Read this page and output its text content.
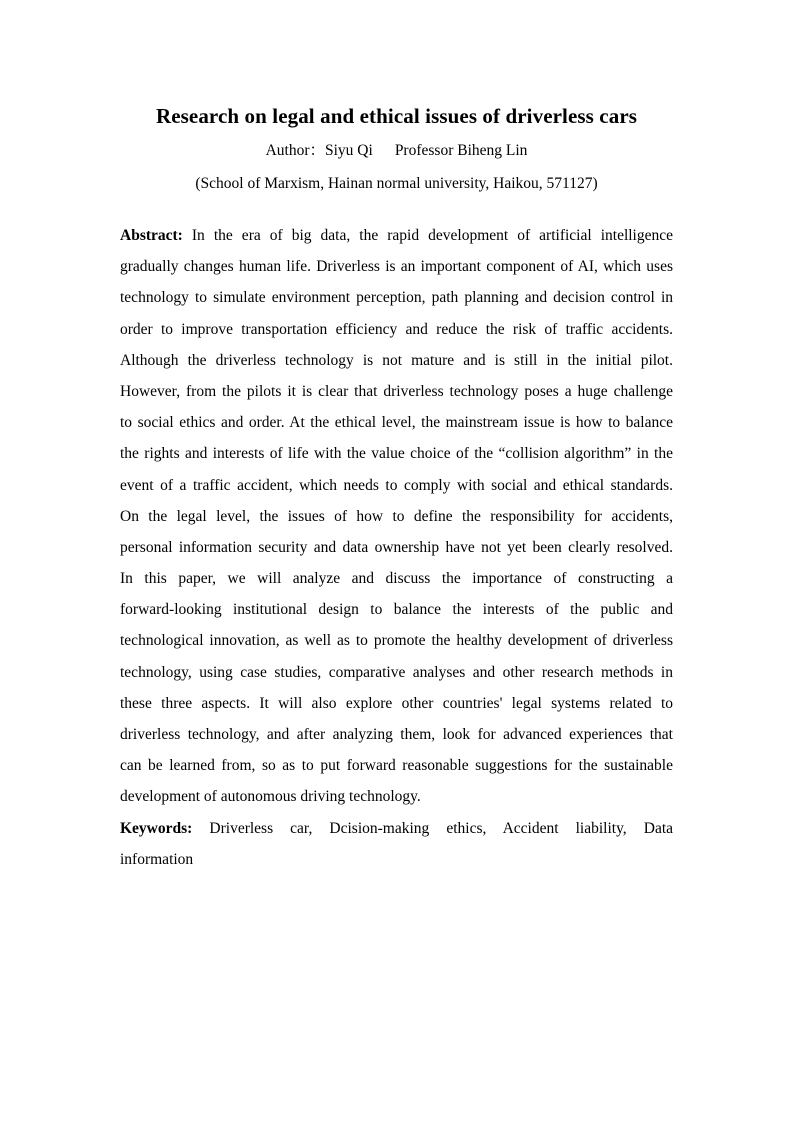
Research on legal and ethical issues of driverless cars
Author：Siyu Qi Professor Biheng Lin
(School of Marxism, Hainan normal university, Haikou, 571127)
Abstract: In the era of big data, the rapid development of artificial intelligence
gradually changes human life. Driverless is an important component of AI, which uses
technology to simulate environment perception, path planning and decision control in
order to improve transportation efficiency and reduce the risk of traffic accidents.
Although the driverless technology is not mature and is still in the initial pilot.
However, from the pilots it is clear that driverless technology poses a huge challenge
to social ethics and order. At the ethical level, the mainstream issue is how to balance
the rights and interests of life with the value choice of the “collision algorithm” in the
event of a traffic accident, which needs to comply with social and ethical standards.
On the legal level, the issues of how to define the responsibility for accidents,
personal information security and data ownership have not yet been clearly resolved.
In this paper, we will analyze and discuss the importance of constructing a
forward-looking institutional design to balance the interests of the public and
technological innovation, as well as to promote the healthy development of driverless
technology, using case studies, comparative analyses and other research methods in
these three aspects. It will also explore other countries' legal systems related to
driverless technology, and after analyzing them, look for advanced experiences that
can be learned from, so as to put forward reasonable suggestions for the sustainable
development of autonomous driving technology.
Keywords: Driverless car, Dcision-making ethics, Accident liability, Data
information
